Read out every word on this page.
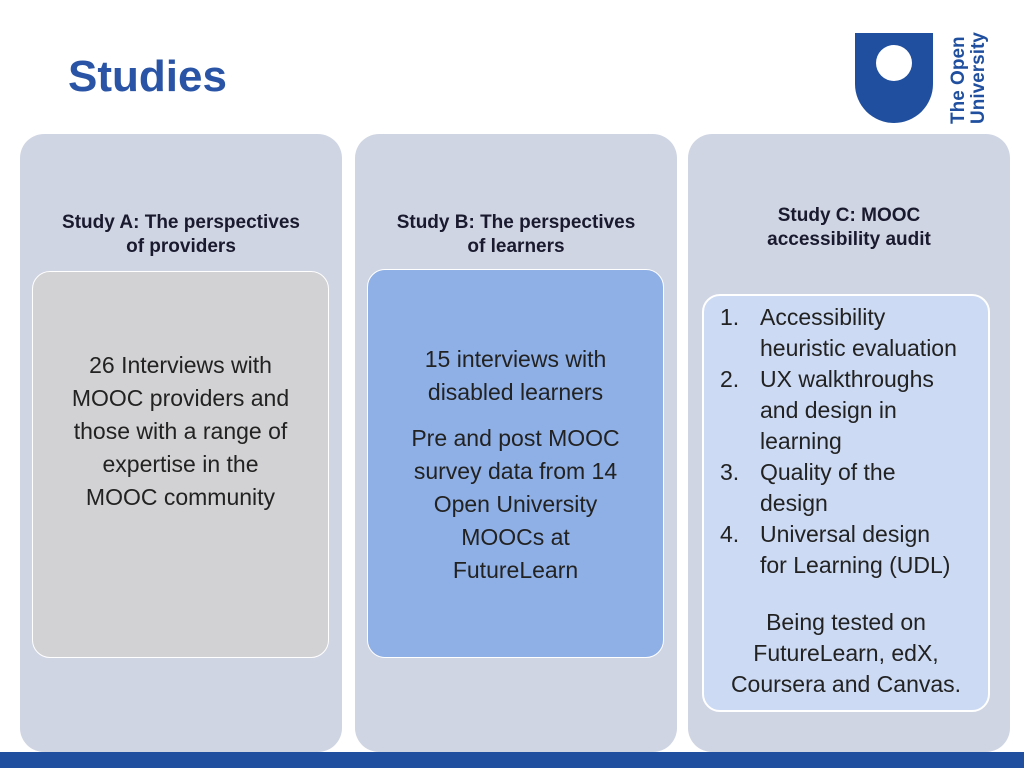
Studies	The Open University
Study A: The perspectives
of providers

26 Interviews with

MOOC providers and

those with a range of

expertise in the

MOOC community

Study B: The perspectives
of learners

15 interviews with

disabled learners

Pre and post MOOC

survey data from 14

Open University

MOOCs at

FutureLearn

Study C: MOOC
accessibility audit
1. Accessibility
heuristic evaluation
2. UX walkthroughs
and design in
learning
3. Quality of the
design
4. Universal design
for Learning (UDL)
Being tested on
FutureLearn, edX,
Coursera and Canvas.
